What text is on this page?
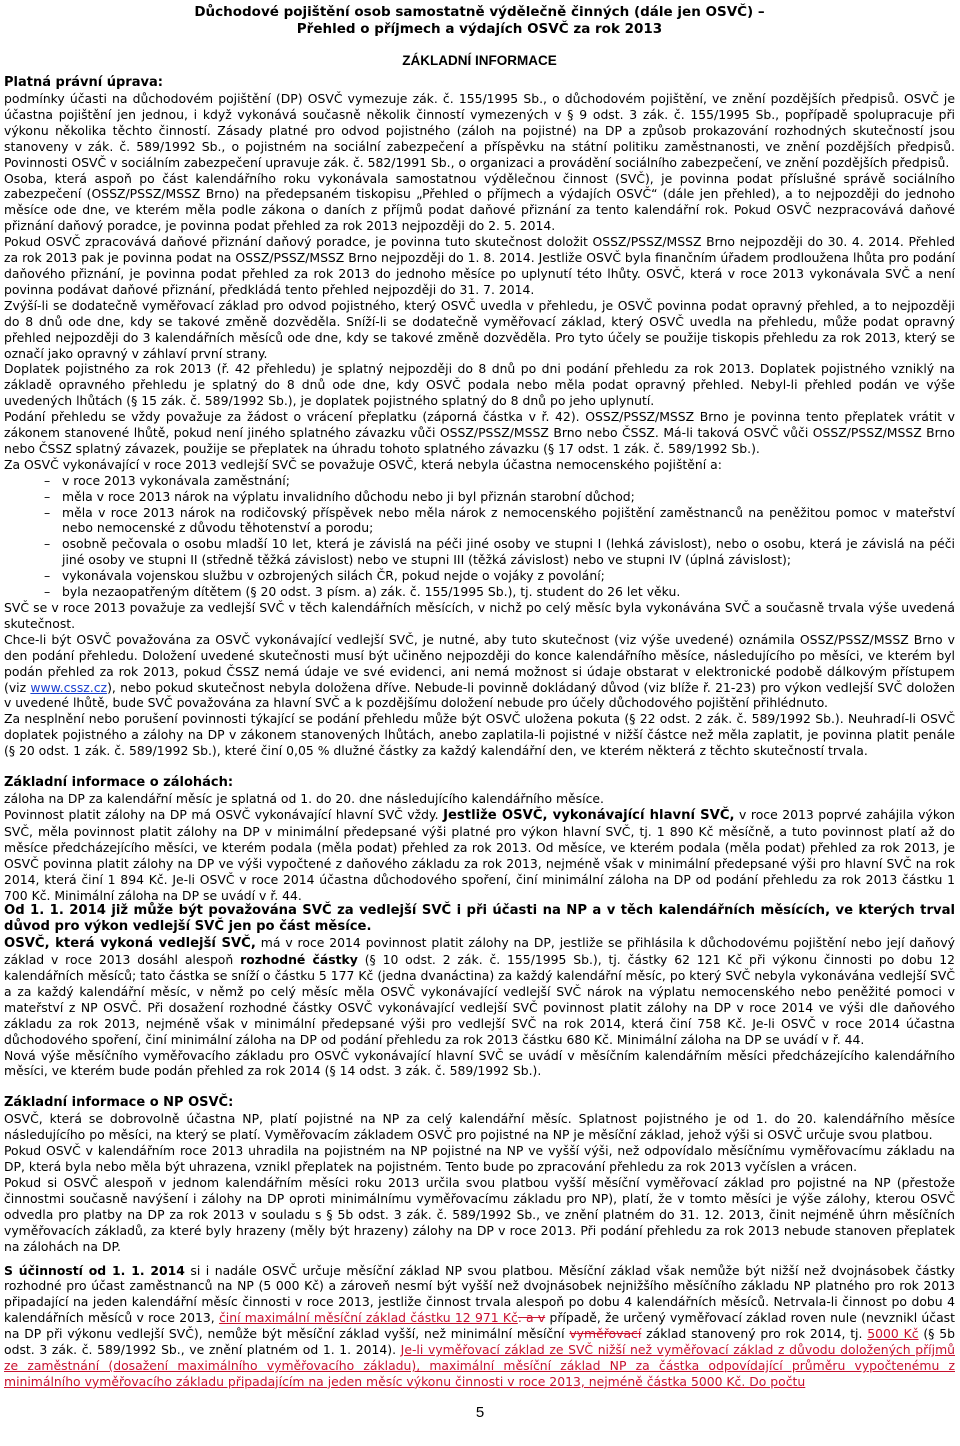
Důchodové pojištění osob samostatně výdělečně činných (dále jen OSVČ) –
Přehled o příjmech a výdajích OSVČ za rok 2013
ZÁKLADNÍ INFORMACE

Platná právní úprava:

podmínky účasti na důchodovém pojištění (DP) OSVČ vymezuje zák. č. 155/1995 Sb., o důchodovém pojištění, ve znění pozdějších předpisů. OSVČ je účastna pojištění jen jednou, i když vykonává současně několik činností vymezených v § 9 odst. 3 zák. č. 155/1995 Sb., popřípadě spolupracuje při výkonu několika těchto činností. Zásady platné pro odvod pojistného (záloh na pojistné) na DP a způsob prokazování rozhodných skutečností jsou stanoveny v zák. č. 589/1992 Sb., o pojistném na sociální zabezpečení a příspěvku na státní politiku zaměstnanosti, ve znění pozdějších předpisů. Povinnosti OSVČ v sociálním zabezpečení upravuje zák. č. 582/1991 Sb., o organizaci a provádění sociálního zabezpečení, ve znění pozdějších předpisů.

Osoba, která aspoň po část kalendářního roku vykonávala samostatnou výdělečnou činnost (SVČ), je povinna podat příslušné správě sociálního zabezpečení (OSSZ/PSSZ/MSSZ Brno) na předepsaném tiskopisu „Přehled o příjmech a výdajích OSVČ“ (dále jen přehled), a to nejpozději do jednoho měsíce ode dne, ve kterém měla podle zákona o daních z příjmů podat daňové přiznání za tento kalendářní rok. Pokud OSVČ nezpracovává daňové přiznání daňový poradce, je povinna podat přehled za rok 2013 nejpozději do 2. 5. 2014.

Pokud OSVČ zpracovává daňové přiznání daňový poradce, je povinna tuto skutečnost doložit OSSZ/PSSZ/MSSZ Brno nejpozději do 30. 4. 2014. Přehled za rok 2013 pak je povinna podat na OSSZ/PSSZ/MSSZ Brno nejpozději do 1. 8. 2014. Jestliže OSVČ byla finančním úřadem prodloužena lhůta pro podání daňového přiznání, je povinna podat přehled za rok 2013 do jednoho měsíce po uplynutí této lhůty. OSVČ, která v roce 2013 vykonávala SVČ a není povinna podávat daňové přiznání, předkládá tento přehled nejpozději do 31. 7. 2014.

Zvýší-li se dodatečně vyměřovací základ pro odvod pojistného, který OSVČ uvedla v přehledu, je OSVČ povinna podat opravný přehled, a to nejpozději do 8 dnů ode dne, kdy se takové změně dozvěděla. Sníží-li se dodatečně vyměřovací základ, který OSVČ uvedla na přehledu, může podat opravný přehled nejpozději do 3 kalendářních měsíců ode dne, kdy se takové změně dozvěděla. Pro tyto účely se použije tiskopis přehledu za rok 2013, který se označí jako opravný v záhlaví první strany.

Doplatek pojistného za rok 2013 (ř. 42 přehledu) je splatný nejpozději do 8 dnů po dni podání přehledu za rok 2013. Doplatek pojistného vzniklý na základě opravného přehledu je splatný do 8 dnů ode dne, kdy OSVČ podala nebo měla podat opravný přehled. Nebyl-li přehled podán ve výše uvedených lhůtách (§ 15 zák. č. 589/1992 Sb.), je doplatek pojistného splatný do 8 dnů po jeho uplynutí.

Podání přehledu se vždy považuje za žádost o vrácení přeplatku (záporná částka v ř. 42). OSSZ/PSSZ/MSSZ Brno je povinna tento přeplatek vrátit v zákonem stanovené lhůtě, pokud není jiného splatného závazku vůči OSSZ/PSSZ/MSSZ Brno nebo ČSSZ. Má-li taková OSVČ vůči OSSZ/PSSZ/MSSZ Brno nebo ČSSZ splatný závazek, použije se přeplatek na úhradu tohoto splatného závazku (§ 17 odst. 1 zák. č. 589/1992 Sb.).

Za OSVČ vykonávající v roce 2013 vedlejší SVČ se považuje OSVČ, která nebyla účastna nemocenského pojištění a:

– v roce 2013 vykonávala zaměstnání;
– měla v roce 2013 nárok na výplatu invalidního důchodu nebo ji byl přiznán starobní důchod;
– měla v roce 2013 nárok na rodičovský příspěvek nebo měla nárok z nemocenského pojištění zaměstnanců na peněžitou pomoc v mateřství nebo nemocenské z důvodu těhotenství a porodu;
– osobně pečovala o osobu mladší 10 let, která je závislá na péči jiné osoby ve stupni I (lehká závislost), nebo o osobu, která je závislá na péči jiné osoby ve stupni II (středně těžká závislost) nebo ve stupni III (těžká závislost) nebo ve stupni IV (úplná závislost);
– vykonávala vojenskou službu v ozbrojených silách ČR, pokud nejde o vojáky z povolání;
– byla nezaopatřeným dítětem (§ 20 odst. 3 písm. a) zák. č. 155/1995 Sb.), tj. student do 26 let věku.

SVČ se v roce 2013 považuje za vedlejší SVČ v těch kalendářních měsících, v nichž po celý měsíc byla vykonávána SVČ a současně trvala výše uvedená skutečnost.

Chce-li být OSVČ považována za OSVČ vykonávající vedlejší SVČ, je nutné, aby tuto skutečnost (viz výše uvedené) oznámila OSSZ/PSSZ/MSSZ Brno v den podání přehledu. Doložení uvedené skutečnosti musí být učiněno nejpozději do konce kalendářního měsíce, následujícího po měsíci, ve kterém byl podán přehled za rok 2013, pokud ČSSZ nemá údaje ve své evidenci, ani nemá možnost si údaje obstarat v elektronické podobě dálkovým přístupem (viz www.cssz.cz), nebo pokud skutečnost nebyla doložena dříve. Nebude-li povinně dokládaný důvod (viz blíže ř. 21-23) pro výkon vedlejší SVČ doložen v uvedené lhůtě, bude SVČ považována za hlavní SVČ a k pozdějšímu doložení nebude pro účely důchodového pojištění přihlédnuto.

Za nesplnění nebo porušení povinnosti týkající se podání přehledu může být OSVČ uložena pokuta (§ 22 odst. 2 zák. č. 589/1992 Sb.). Neuhradí-li OSVČ doplatek pojistného a zálohy na DP v zákonem stanovených lhůtách, anebo zaplatila-li pojistné v nižší částce než měla zaplatit, je povinna platit penále (§ 20 odst. 1 zák. č. 589/1992 Sb.), které činí 0,05 % dlužné částky za každý kalendářní den, ve kterém některá z těchto skutečností trvala.

Základní informace o zálohách:

záloha na DP za kalendářní měsíc je splatná od 1. do 20. dne následujícího kalendářního měsíce.

Povinnost platit zálohy na DP má OSVČ vykonávající hlavní SVČ vždy. Jestliže OSVČ, vykonávající hlavní SVČ, v roce 2013 poprvé zahájila výkon SVČ, měla povinnost platit zálohy na DP v minimální předepsané výši platné pro výkon hlavní SVČ, tj. 1 890 Kč měsíčně, a tuto povinnost platí až do měsíce předcházejícího měsíci, ve kterém podala (měla podat) přehled za rok 2013. Od měsíce, ve kterém podala (měla podat) přehled za rok 2013, je OSVČ povinna platit zálohy na DP ve výši vypočtené z daňového základu za rok 2013, nejméně však v minimální předepsané výši pro hlavní SVČ na rok 2014, která činí 1 894 Kč. Je-li OSVČ v roce 2014 účastna důchodového spoření, činí minimální záloha na DP od podání přehledu za rok 2013 částku 1 700 Kč. Minimální záloha na DP se uvádí v ř. 44.

Od 1. 1. 2014 již může být považována SVČ za vedlejší SVČ i při účasti na NP a v těch kalendářních měsících, ve kterých trval důvod pro výkon vedlejší SVČ jen po část měsíce.

OSVČ, která vykoná vedlejší SVČ, má v roce 2014 povinnost platit zálohy na DP, jestliže se přihlásila k důchodovému pojištění nebo její daňový základ v roce 2013 dosáhl alespoň rozhodné částky (§ 10 odst. 2 zák. č. 155/1995 Sb.), tj. částky 62 121 Kč při výkonu činnosti po dobu 12 kalendářních měsíců; tato částka se sníží o částku 5 177 Kč (jedna dvanáctina) za každý kalendářní měsíc, po který SVČ nebyla vykonávána vedlejší SVČ a za každý kalendářní měsíc, v němž po celý měsíc měla OSVČ vykonávající vedlejší SVČ nárok na výplatu nemocenského nebo peněžité pomoci v mateřství z NP OSVČ. Při dosažení rozhodné částky OSVČ vykonávající vedlejší SVČ povinnost platit zálohy na DP v roce 2014 ve výši dle daňového základu za rok 2013, nejméně však v minimální předepsané výši pro vedlejší SVČ na rok 2014, která činí 758 Kč. Je-li OSVČ v roce 2014 účastna důchodového spoření, činí minimální záloha na DP od podání přehledu za rok 2013 částku 680 Kč. Minimální záloha na DP se uvádí v ř. 44.

Nová výše měsíčního vyměřovacího základu pro OSVČ vykonávající hlavní SVČ se uvádí v měsíčním kalendářním měsíci předcházejícího kalendářního měsíci, ve kterém bude podán přehled za rok 2014 (§ 14 odst. 3 zák. č. 589/1992 Sb.).

Základní informace o NP OSVČ:

OSVČ, která se dobrovolně účastna NP, platí pojistné na NP za celý kalendářní měsíc. Splatnost pojistného je od 1. do 20. kalendářního měsíce následujícího po měsíci, na který se platí. Vyměřovacím základem OSVČ pro pojistné na NP je měsíční základ, jehož výši si OSVČ určuje svou platbou.

Pokud OSVČ v kalendářním roce 2013 uhradila na pojistném na NP pojistné na NP ve vyšší výši, než odpovídalo měsíčnímu vyměřovacímu základu na DP, která byla nebo měla být uhrazena, vznikl přeplatek na pojistném. Tento bude po zpracování přehledu za rok 2013 vyčíslen a vrácen.

Pokud si OSVČ alespoň v jednom kalendářním měsíci roku 2013 určila svou platbou vyšší měsíční vyměřovací základ pro pojistné na NP (přestože činnostmi současně navýšení i zálohy na DP oproti minimálnímu vyměřovacímu základu pro NP), platí, že v tomto měsíci je výše zálohy, kterou OSVČ odvedla pro platby na DP za rok 2013 v souladu s § 5b odst. 3 zák. č. 589/1992 Sb., ve znění platném do 31. 12. 2013, činit nejméně úhrn měsíčních vyměřovacích základů, za které byly hrazeny (měly být hrazeny) zálohy na DP v roce 2013. Při podání přehledu za rok 2013 nebude stanoven přeplatek na zálohách na DP.

S účinností od 1. 1. 2014 si i nadále OSVČ určuje měsíční základ NP svou platbou. Měsíční základ však nemůže být nižší než dvojnásobek částky rozhodné pro účast zaměstnanců na NP (5 000 Kč) a zároveň nesmí být vyšší než dvojnásobek nejnižšího měsíčního základu NP platného pro rok 2013 připadající na jeden kalendářní měsíc činnosti v roce 2013, jestliže činnost trvala alespoň po dobu 4 kalendářních měsíců. Netrvala-li činnost po dobu 4 kalendářních měsíců v roce 2013, činí maximální měsíční základ částku 12 971 Kč. a v případě, že určený vyměřovací základ roven nule (nevznikl účast na DP při výkonu vedlejší SVČ), nemůže být měsíční základ vyšší, než minimální měsíční vyměřovací základ stanovený pro rok 2014, tj. 5000 Kč (§ 5b odst. 3 zák. č. 589/1992 Sb., ve znění platném od 1. 1. 2014). Je-li vyměřovací základ ze SVČ nižší než vyměřovací základ z důvodu doložených příjmů ze zaměstnání (dosažení maximálního vyměřovacího základu), maximální měsíční základ NP za částka odpovídající průměru vypočtenému z minimálního vyměřovacího základu připadajícím na jeden měsíc výkonu činnosti v roce 2013, nejméně částka 5000 Kč. Do počtu

5
